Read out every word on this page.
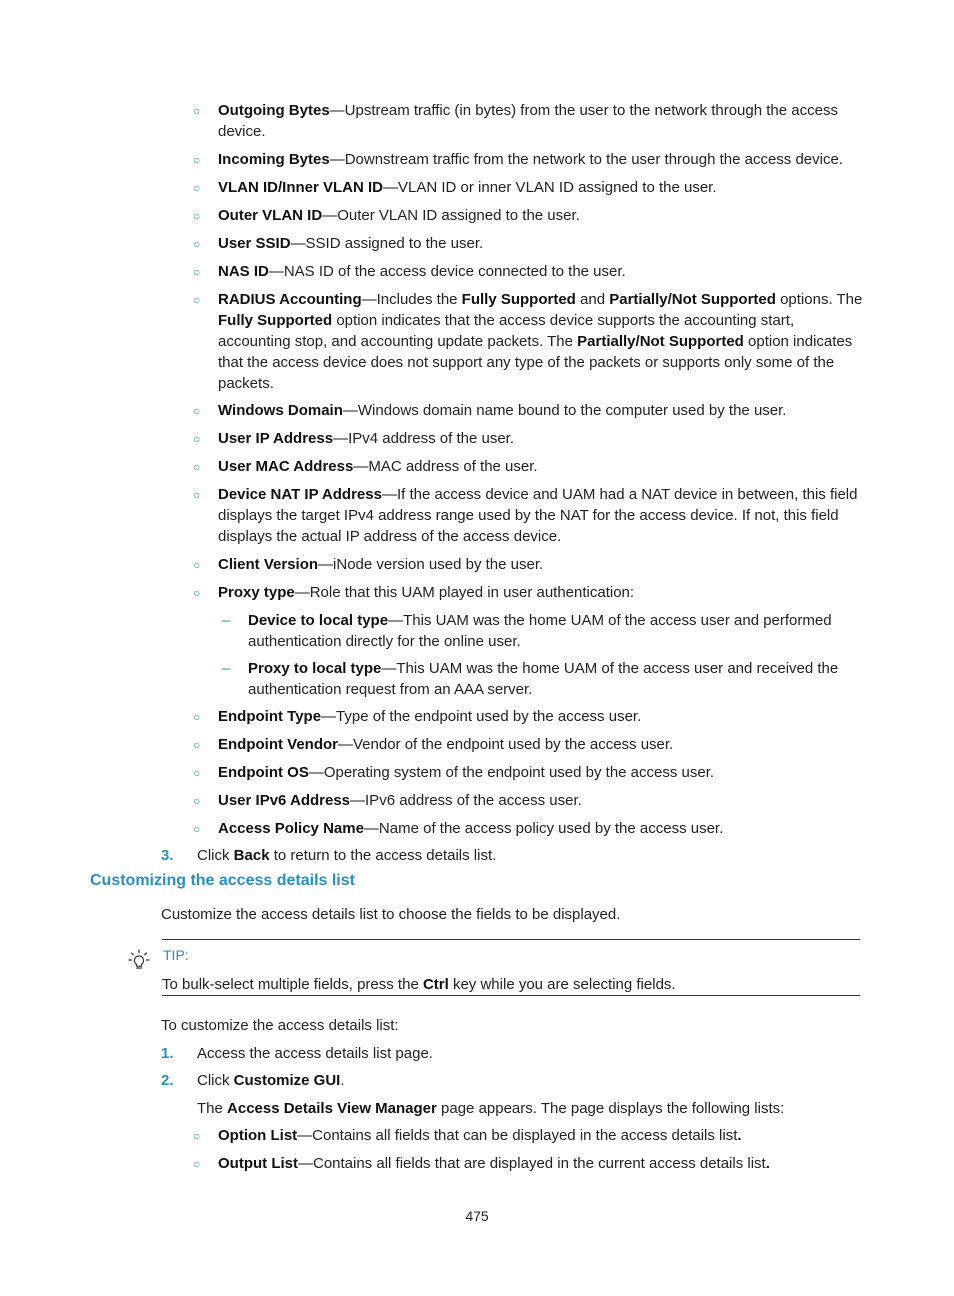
○ Outgoing Bytes—Upstream traffic (in bytes) from the user to the network through the access device.
○ Incoming Bytes—Downstream traffic from the network to the user through the access device.
○ VLAN ID/Inner VLAN ID—VLAN ID or inner VLAN ID assigned to the user.
○ Outer VLAN ID—Outer VLAN ID assigned to the user.
○ User SSID—SSID assigned to the user.
○ NAS ID—NAS ID of the access device connected to the user.
○ RADIUS Accounting—Includes the Fully Supported and Partially/Not Supported options. The Fully Supported option indicates that the access device supports the accounting start, accounting stop, and accounting update packets. The Partially/Not Supported option indicates that the access device does not support any type of the packets or supports only some of the packets.
○ Windows Domain—Windows domain name bound to the computer used by the user.
○ User IP Address—IPv4 address of the user.
○ User MAC Address—MAC address of the user.
○ Device NAT IP Address—If the access device and UAM had a NAT device in between, this field displays the target IPv4 address range used by the NAT for the access device. If not, this field displays the actual IP address of the access device.
○ Client Version—iNode version used by the user.
○ Proxy type—Role that this UAM played in user authentication:
– Device to local type—This UAM was the home UAM of the access user and performed authentication directly for the online user.
– Proxy to local type—This UAM was the home UAM of the access user and received the authentication request from an AAA server.
○ Endpoint Type—Type of the endpoint used by the access user.
○ Endpoint Vendor—Vendor of the endpoint used by the access user.
○ Endpoint OS—Operating system of the endpoint used by the access user.
○ User IPv6 Address—IPv6 address of the access user.
○ Access Policy Name—Name of the access policy used by the access user.
3. Click Back to return to the access details list.
Customizing the access details list
Customize the access details list to choose the fields to be displayed.
TIP:
To bulk-select multiple fields, press the Ctrl key while you are selecting fields.
To customize the access details list:
1. Access the access details list page.
2. Click Customize GUI.
The Access Details View Manager page appears. The page displays the following lists:
○ Option List—Contains all fields that can be displayed in the access details list.
○ Output List—Contains all fields that are displayed in the current access details list.
475
